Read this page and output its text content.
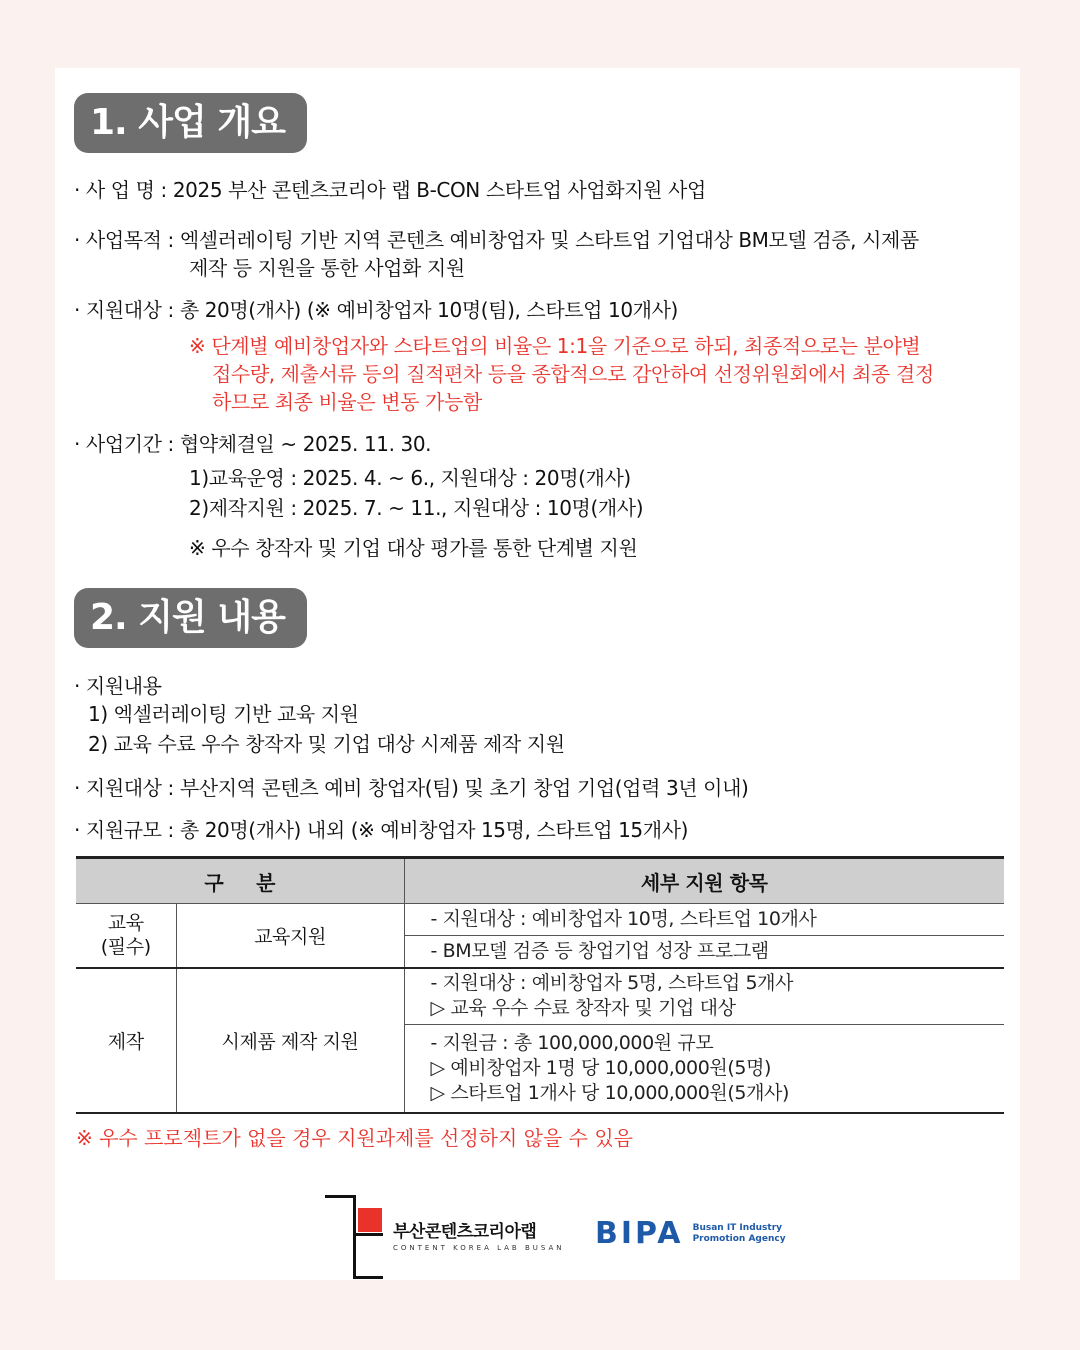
1. 사업 개요
· 사 업 명 : 2025 부산 콘텐츠코리아 랩 B-CON 스타트업 사업화지원 사업
· 사업목적 : 엑셀러레이팅 기반 지역 콘텐츠 예비창업자 및 스타트업 기업대상 BM모델 검증, 시제품
제작 등 지원을 통한 사업화 지원
· 지원대상 : 총 20명(개사) (※ 예비창업자 10명(팀), 스타트업 10개사)
※ 단계별 예비창업자와 스타트업의 비율은 1:1을 기준으로 하되, 최종적으로는 분야별
접수량, 제출서류 등의 질적편차 등을 종합적으로 감안하여 선정위원회에서 최종 결정
하므로 최종 비율은 변동 가능함
· 사업기간 : 협약체결일 ~ 2025. 11. 30.
1)교육운영 : 2025. 4. ~ 6., 지원대상 : 20명(개사)
2)제작지원 : 2025. 7. ~ 11., 지원대상 : 10명(개사)
※ 우수 창작자 및 기업 대상 평가를 통한 단계별 지원
2. 지원 내용
· 지원내용
1) 엑셀러레이팅 기반 교육 지원
2) 교육 수료 우수 창작자 및 기업 대상 시제품 제작 지원
· 지원대상 : 부산지역 콘텐츠 예비 창업자(팀) 및 초기 창업 기업(업력 3년 이내)
· 지원규모 : 총 20명(개사) 내외 (※ 예비창업자 15명, 스타트업 15개사)
구     분		세부 지원 항목
교육
(필수)	교육지원	- 지원대상 : 예비창업자 10명, 스타트업 10개사

		- BM모델 검증 등 창업기업 성장 프로그램

제작	시제품 제작 지원	- 지원대상 : 예비창업자 5명, 스타트업 5개사
▷ 교육 우수 수료 창작자 및 기업 대상

		- 지원금 : 총 100,000,000원 규모
▷ 예비창업자 1명 당 10,000,000원(5명)
▷ 스타트업 1개사 당 10,000,000원(5개사)
※ 우수 프로젝트가 없을 경우 지원과제를 선정하지 않을 수 있음
부산콘텐츠코리아랩
CONTENT KOREA LAB BUSAN BIPA Busan IT Industry
Promotion Agency
